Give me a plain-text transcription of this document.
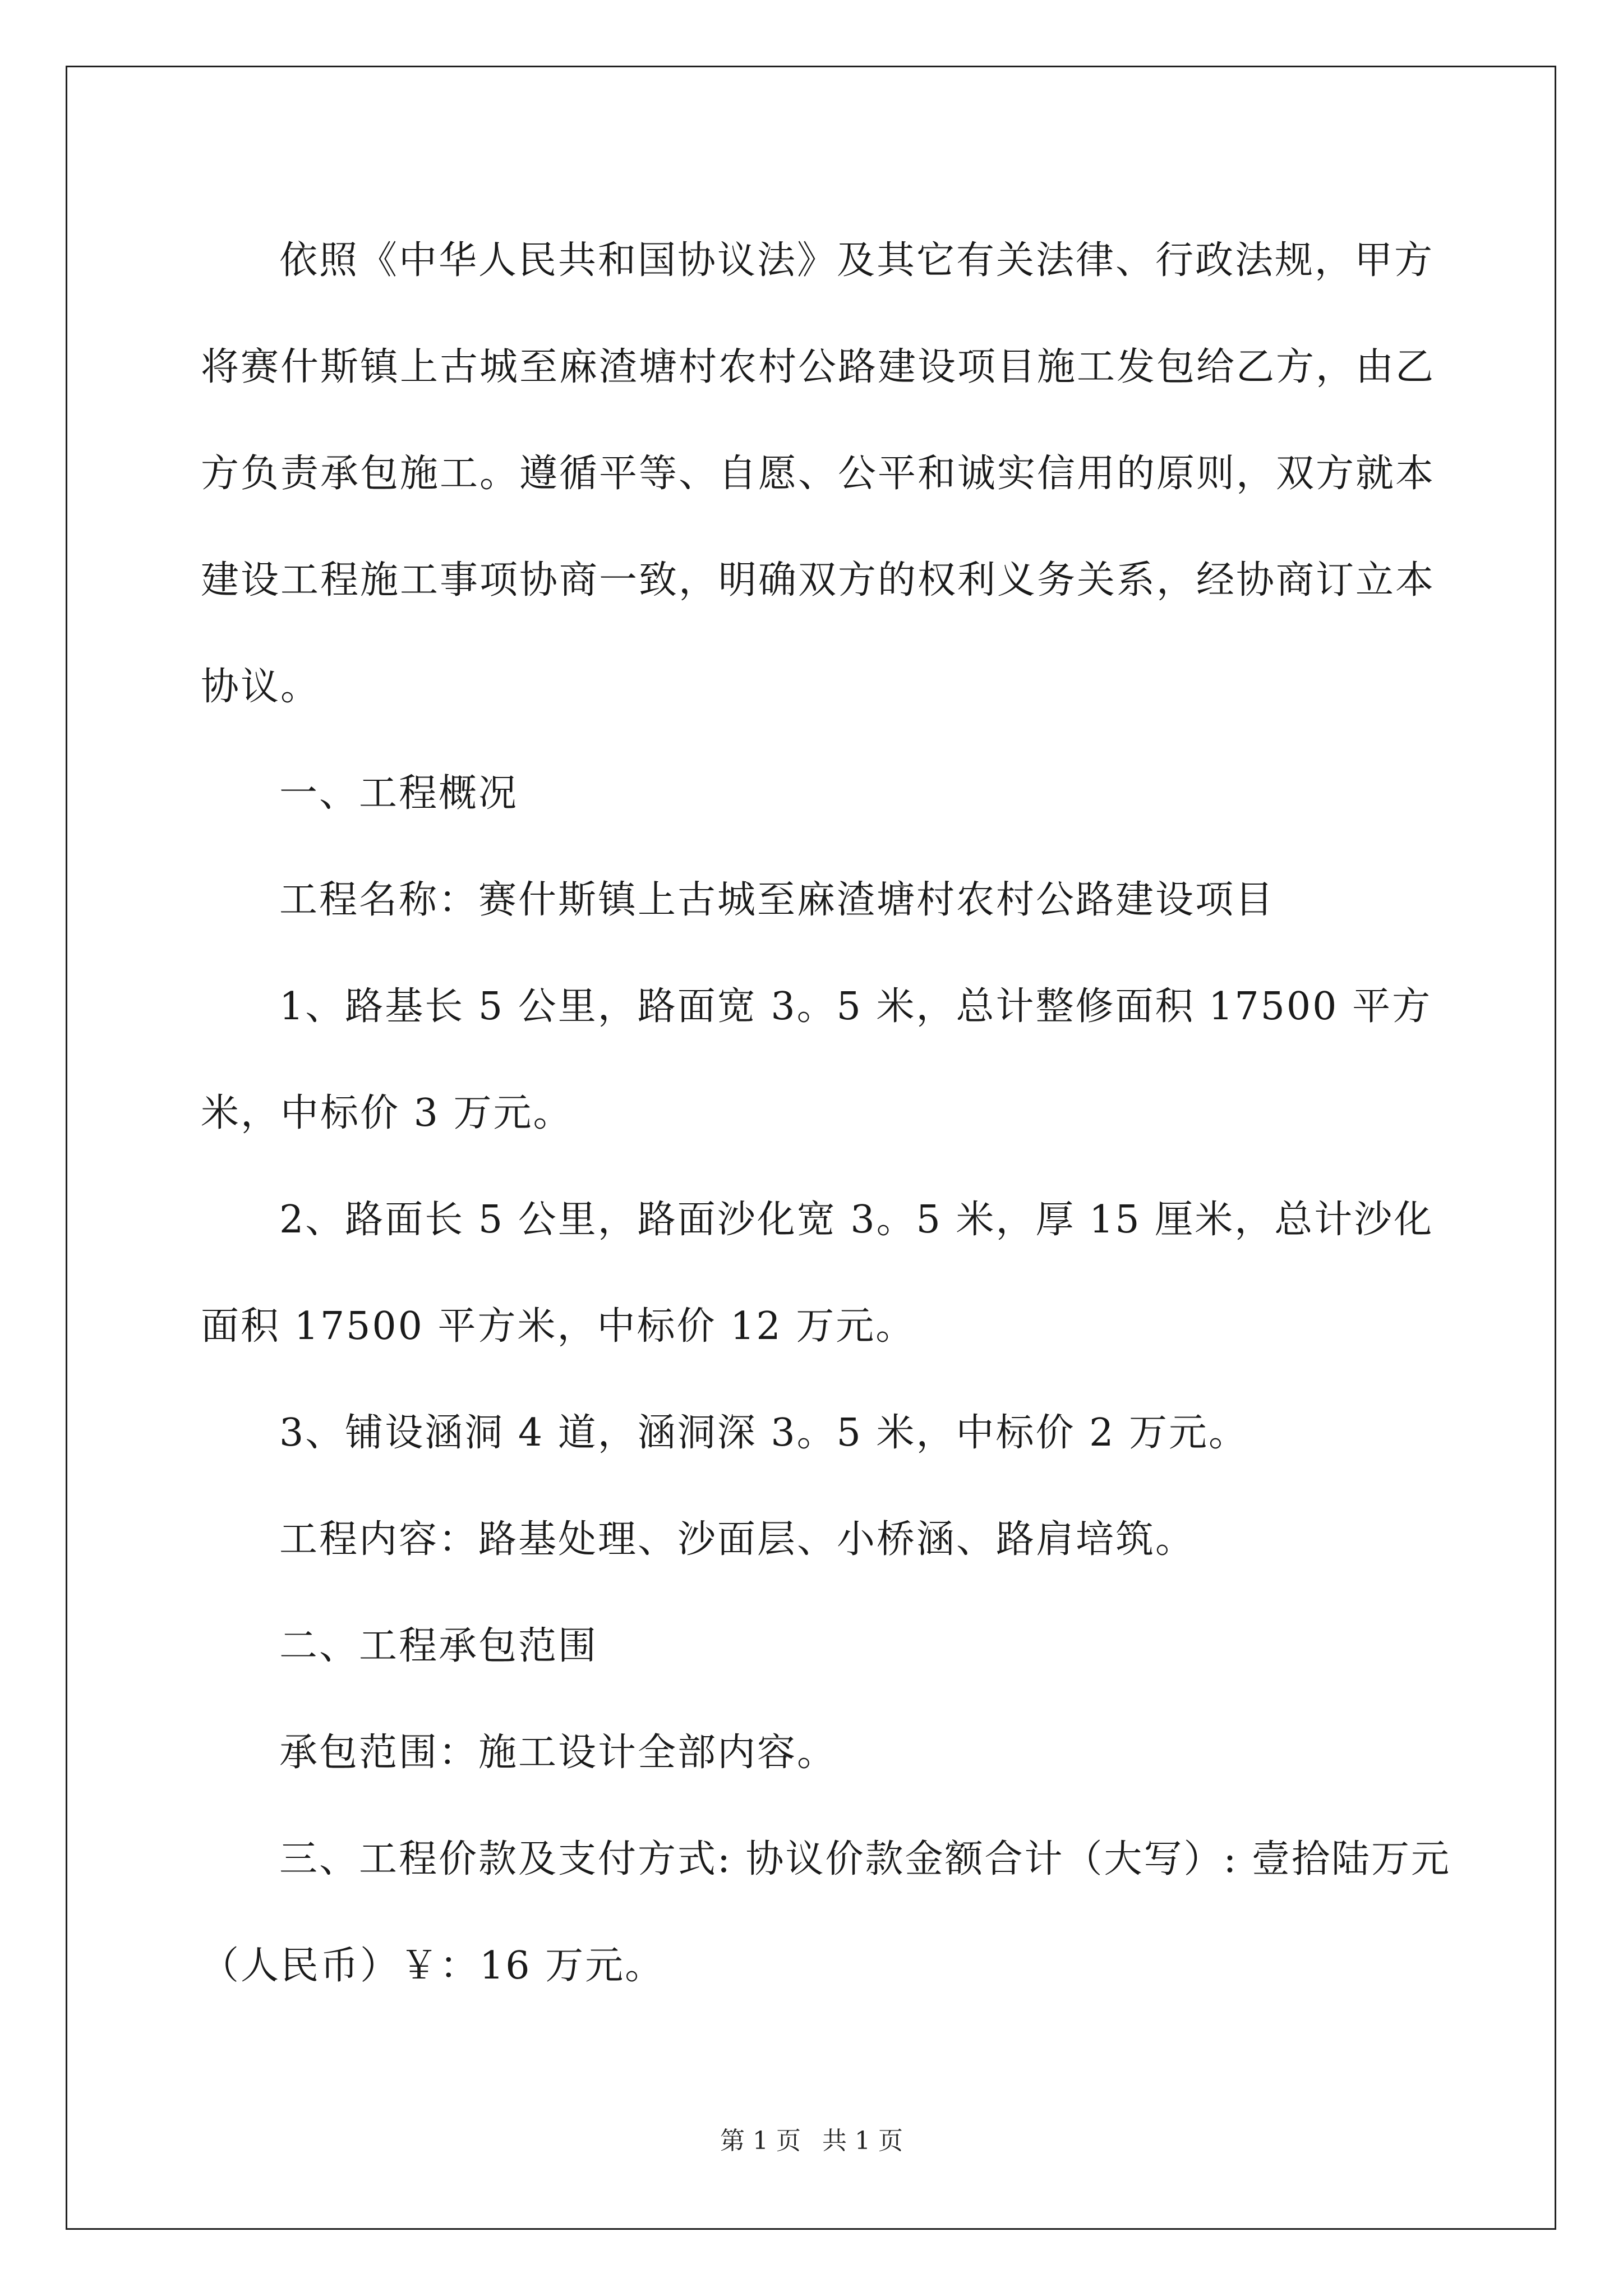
依照《中华人民共和国协议法》及其它有关法律、行政法规，甲方将赛什斯镇上古城至麻渣塘村农村公路建设项目施工发包给乙方，由乙方负责承包施工。遵循平等、自愿、公平和诚实信用的原则，双方就本建设工程施工事项协商一致，明确双方的权利义务关系，经协商订立本协议。

一、工程概况

工程名称：赛什斯镇上古城至麻渣塘村农村公路建设项目

1、路基长 5 公里，路面宽 3。5 米，总计整修面积 17500 平方米，中标价 3 万元。

2、路面长 5 公里，路面沙化宽 3。5 米，厚 15 厘米，总计沙化面积 17500 平方米，中标价 12 万元。

3、铺设涵洞 4 道，涵洞深 3。5 米，中标价 2 万元。

工程内容：路基处理、沙面层、小桥涵、路肩培筑。

二、工程承包范围

承包范围：施工设计全部内容。

三、工程价款及支付方式: 协议价款金额合计（大写）: 壹拾陆万元 （人民币）￥：16 万元。

第 1 页 共 1 页
